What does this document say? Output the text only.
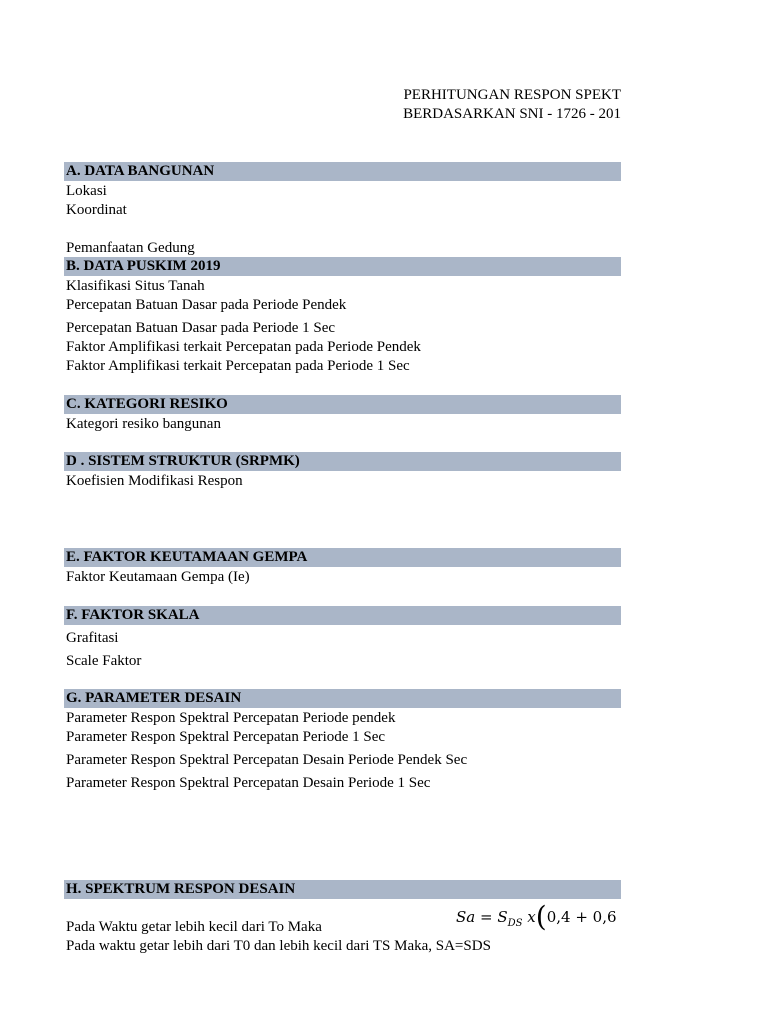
PERHITUNGAN RESPON SPEKT
BERDASARKAN SNI - 1726 - 201
A. DATA BANGUNAN
Lokasi
Koordinat
Pemanfaatan Gedung
B. DATA PUSKIM 2019
Klasifikasi Situs Tanah
Percepatan Batuan Dasar pada Periode Pendek
Percepatan Batuan Dasar pada Periode 1 Sec
Faktor Amplifikasi terkait Percepatan pada Periode Pendek
Faktor Amplifikasi terkait Percepatan pada Periode 1 Sec
C. KATEGORI RESIKO
Kategori resiko bangunan
D . SISTEM STRUKTUR (SRPMK)
Koefisien Modifikasi Respon
E. FAKTOR KEUTAMAAN GEMPA
Faktor Keutamaan Gempa (Ie)
F. FAKTOR SKALA
Grafitasi
Scale Faktor
G. PARAMETER DESAIN
Parameter Respon Spektral Percepatan Periode pendek
Parameter Respon Spektral Percepatan Periode 1 Sec
Parameter Respon Spektral Percepatan Desain Periode Pendek Sec
Parameter Respon Spektral Percepatan Desain Periode 1 Sec
H. SPEKTRUM RESPON DESAIN
Pada Waktu getar lebih kecil dari To Maka
Pada waktu getar lebih dari T0 dan lebih kecil dari TS Maka, SA=SDS
$Sa = S_{DS}$ x(0,4 + 0,6
